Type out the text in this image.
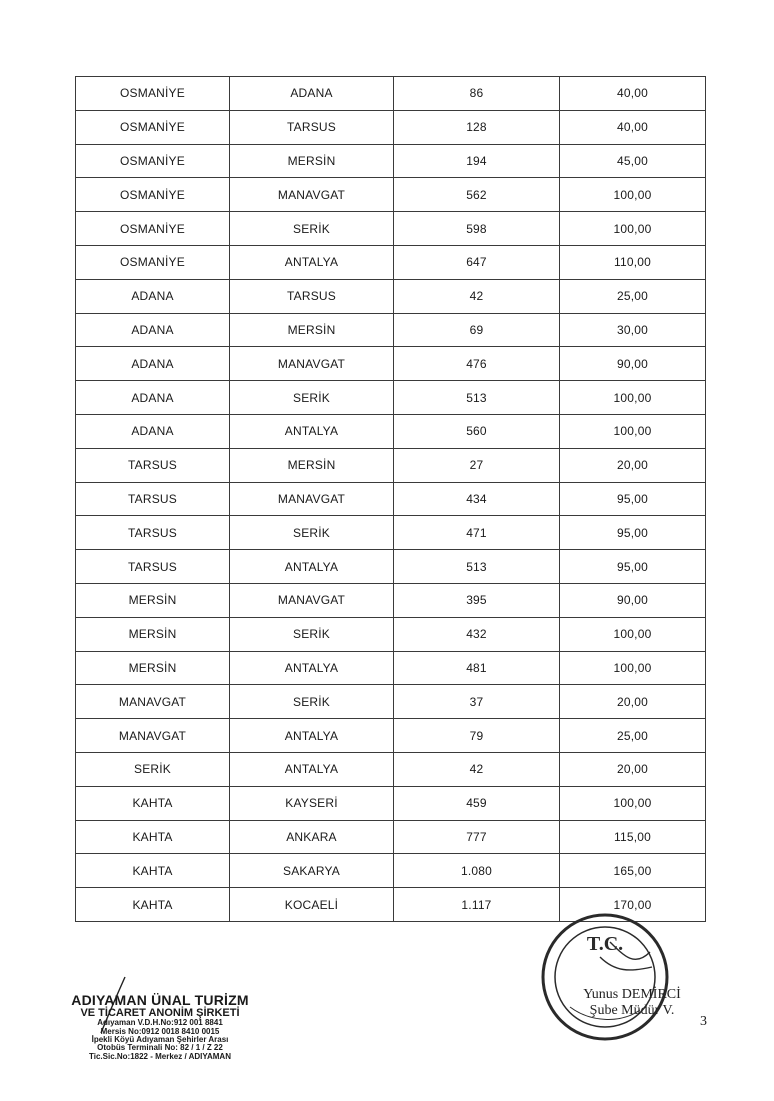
OSMANİYE	ADANA	86	40,00
OSMANİYE	TARSUS	128	40,00
OSMANİYE	MERSİN	194	45,00
OSMANİYE	MANAVGAT	562	100,00
OSMANİYE	SERİK	598	100,00
OSMANİYE	ANTALYA	647	110,00
ADANA	TARSUS	42	25,00
ADANA	MERSİN	69	30,00
ADANA	MANAVGAT	476	90,00
ADANA	SERİK	513	100,00
ADANA	ANTALYA	560	100,00
TARSUS	MERSİN	27	20,00
TARSUS	MANAVGAT	434	95,00
TARSUS	SERİK	471	95,00
TARSUS	ANTALYA	513	95,00
MERSİN	MANAVGAT	395	90,00
MERSİN	SERİK	432	100,00
MERSİN	ANTALYA	481	100,00
MANAVGAT	SERİK	37	20,00
MANAVGAT	ANTALYA	79	25,00
SERİK	ANTALYA	42	20,00
KAHTA	KAYSERİ	459	100,00
KAHTA	ANKARA	777	115,00
KAHTA	SAKARYA	1.080	165,00
KAHTA	KOCAELİ	1.117	170,00
ADIYAMAN ÜNAL TURİZM
VE TİCARET ANONİM ŞİRKETİ
Adıyaman V.D.H.No:912 001 8841
Mersis No:0912 0018 8410 0015
İpekli Köyü Adıyaman Şehirler Arası
Otobüs Terminali No: 82 / 1 / Z 22
Tic.Sic.No:1822 - Merkez / ADIYAMAN
T.C.
Yunus DEMİRCİ
Şube Müdür V.
3
